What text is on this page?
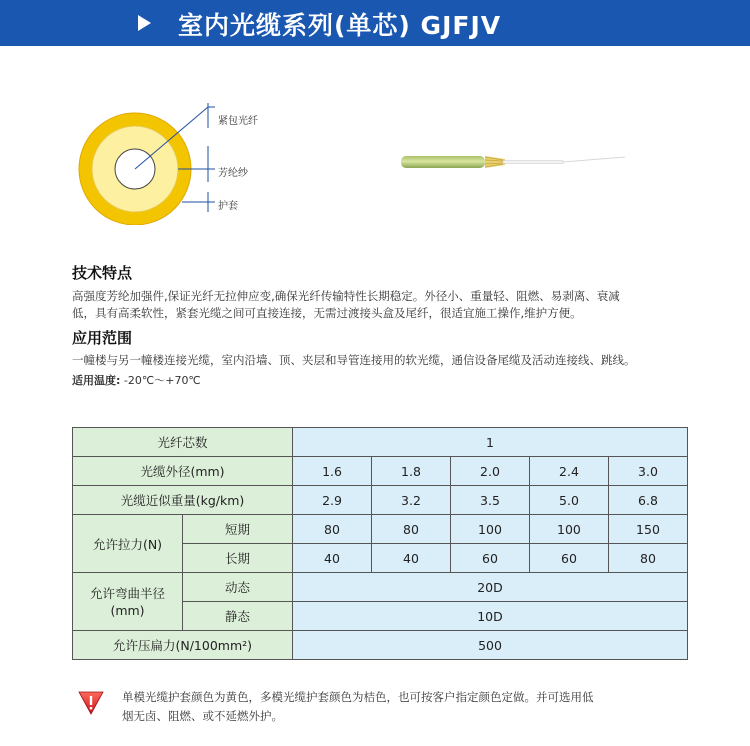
室内光缆系列(单芯) GJFJV
紧包光纤
芳纶纱
护套
技术特点
高强度芳纶加强件,保证光纤无拉伸应变,确保光纤传输特性长期稳定。外径小、重量轻、阻燃、易剥离、衰减
低，具有高柔软性，紧套光缆之间可直接连接，无需过渡接头盒及尾纤，很适宜施工操作,维护方便。
应用范围
一幢楼与另一幢楼连接光缆，室内沿墙、顶、夹层和导管连接用的软光缆，通信设备尾缆及活动连接线、跳线。
适用温度: -20℃～+70℃
光纤芯数		1				
光缆外径(mm)		1.6	1.8	2.0	2.4	3.0
光缆近似重量(kg/km)		2.9	3.2	3.5	5.0	6.8
允许拉力(N)	短期	80	80	100	100	150
	长期	40	40	60	60	80
允许弯曲半径
(mm)	动态	20D				
	静态	10D				
允许压扁力(N/100mm²)		500				
单模光缆护套颜色为黄色，多模光缆护套颜色为桔色，也可按客户指定颜色定做。并可选用低
烟无卤、阻燃、或不延燃外护。
